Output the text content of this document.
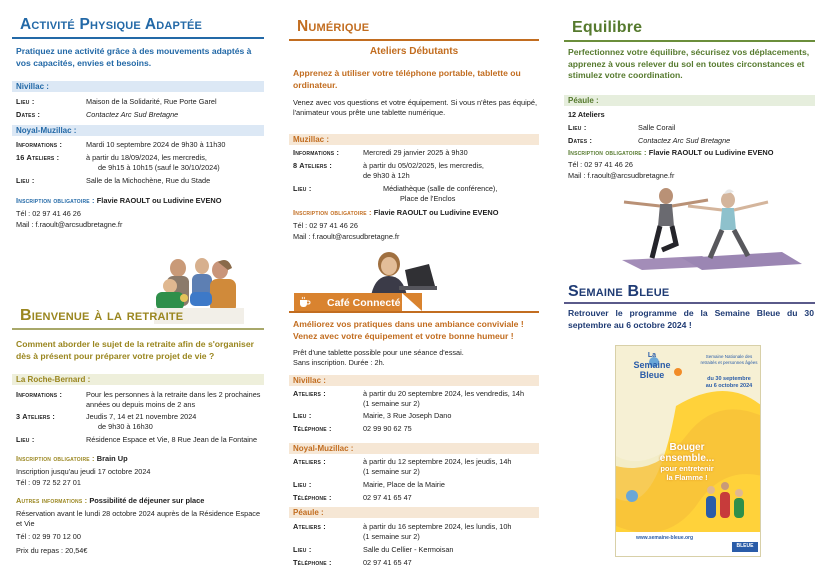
Activité Physique Adaptée
Pratiquez une activité grâce à des mouvements adaptés à vos capacités, envies et besoins.
Nivillac :
Lieu :	Maison de la Solidarité, Rue Porte Garel
Dates :	Contactez Arc Sud Bretagne
Noyal-Muzillac :
Informations :	Mardi 10 septembre 2024 de 9h30 à 11h30
16 Ateliers :	à partir du 18/09/2024, les mercredis,
de 9h15 à 10h15 (sauf le 30/10/2024)
Lieu :	Salle de la Michochène, Rue du Stade
Inscription obligatoire : Flavie RAOULT ou Ludivine EVENO
Tél : 02 97 41 46 26
Mail : f.raoult@arcsudbretagne.fr
Bienvenue à la retraite
Comment aborder le sujet de la retraite afin de s'organiser dès à présent pour préparer votre projet de vie ?
La Roche-Bernard :
Informations :	Pour les personnes à la retraite dans les 2 prochaines
années ou depuis moins de 2 ans
3 Ateliers :	Jeudis 7, 14 et 21 novembre 2024
de 9h30 à 16h30
Lieu :	Résidence Espace et Vie, 8 Rue Jean de la Fontaine
Inscription obligatoire : Brain Up
Inscription jusqu'au jeudi 17 octobre 2024
Tél : 09 72 52 27 01
Autres informations : Possibilité de déjeuner sur place
Réservation avant le lundi 28 octobre 2024 auprès de la Résidence Espace et Vie
Tél : 02 99 70 12 00
Prix du repas : 20,54€
Numérique
Ateliers Débutants
Apprenez à utiliser votre téléphone portable, tablette ou ordinateur.
Venez avec vos questions et votre équipement. Si vous n'êtes pas équipé, l'animateur vous prête une tablette numérique.
Muzillac :
Informations :	Mercredi 29 janvier 2025 à 9h30
8 Ateliers :	à partir du 05/02/2025, les mercredis,
de 9h30 à 12h
Lieu :	Médiathèque (salle de conférence),
Place de l'Enclos
Inscription obligatoire : Flavie RAOULT ou Ludivine EVENO
Tél : 02 97 41 46 26
Mail : f.raoult@arcsudbretagne.fr
Café Connecté
Améliorez vos pratiques dans une ambiance conviviale ! Venez avec votre équipement et votre bonne humeur !
Prêt d'une tablette possible pour une séance d'essai.
Sans inscription. Durée : 2h.
Nivillac :
Ateliers :	à partir du 20 septembre 2024, les vendredis, 14h
(1 semaine sur 2)
Lieu :	Mairie, 3 Rue Joseph Dano
Téléphone :	02 99 90 62 75
Noyal-Muzillac :
Ateliers :	à partir du 12 septembre 2024, les jeudis, 14h
(1 semaine sur 2)
Lieu :	Mairie, Place de la Mairie
Téléphone :	02 97 41 65 47
Péaule :
Ateliers :	à partir du 16 septembre 2024, les lundis, 10h
(1 semaine sur 2)
Lieu :	Salle du Cellier - Kermoisan
Téléphone :	02 97 41 65 47
Equilibre
Perfectionnez votre équilibre, sécurisez vos déplacements, apprenez à vous relever du sol en toutes circonstances et stimulez votre coordination.
Péaule :
12 Ateliers
Lieu :	Salle Corail
Dates :	Contactez Arc Sud Bretagne
Inscription obligatoire : Flavie RAOULT ou Ludivine EVENO
Tél : 02 97 41 46 26
Mail : f.raoult@arcsudbretagne.fr
Semaine Bleue
Retrouver le programme de la Semaine Bleue du 30 septembre au 6 octobre 2024 !
La
Semaine
Bleue
Semaine Nationale des retraités et personnes âgées
du 30 septembre
au 6 octobre 2024
Bouger
ensemble...
pour entretenir
la Flamme !
www.semaine-bleue.org
BLEUE
